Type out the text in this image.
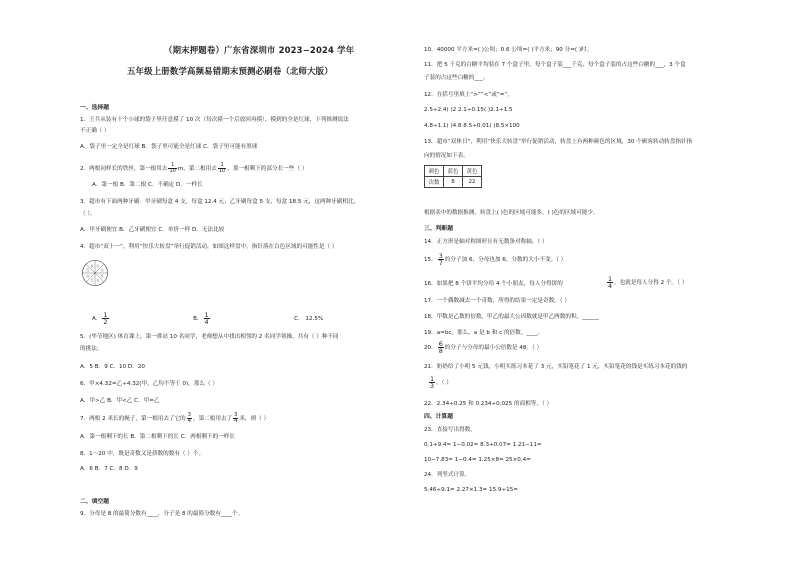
（期末押题卷）广东省深圳市 2023−2024 学年
五年级上册数学高频易错期末预测必刷卷（北师大版）
一、选择题
1．王兵从装有十个小球的袋子里任意摸了 10 次（每次摸一个后放回再摸），摸到的全是红球，下列推测说法
不正确（ ）
A．袋子里一定全是红球 B．袋子里可能全是红球 C．袋子里可能有黑球
3．超市有下面两种牙刷：甲牙刷每盒 4 支，每盒 12.4 元；乙牙刷每盒 5 支，每盒 18.5 元，这两种牙刷相比，
（ ）。
A．甲牙刷便宜 B．乙牙刷便宜 C．单价一样 D．无法比较
4．超市“双十一”，利用“快乐大转盘”举行促销活动，如图这样盘中，指针落在白色区域的可能性是（ ）
5．(毕节地区) 体育课上，第一排站 10 名同学，老师想从中找出相邻的 2 名同学领操，共有（ ）种不同
的挑法。
A．5 B．9 C．10 D．20
6．甲×4.32=乙÷4.32(甲，乙均不等于 0)，那么（ ）
A．甲>乙 B．甲<乙 C．甲=乙
A．第一根剩下的长 B．第二根剩下的长 C．两根剩下的一样长
8．1～20 中，既是奇数又是质数的数有（ ）个。
A．6 B．7 C．8 D．9
二、填空题
9．分母是 8 的最简分数有____，分子是 8 的最简分数有____个。
10．40000 平方米=( )公顷；0.6 公顷=( )平方米；90 分=( )时。
11．把 5 千克的白糖平均装在 7 个盒子里，每个盒子装___千克，每个盒子装的占这些白糖的___，3 个盒
子装的占这些白糖的___。
12．在括号里填上“>”“<”或“=”。
2.5÷2.4( )2 2.1÷0.15( )2.1÷1.5
4.8÷1.1( )4.8 8.5÷0.01( )8.5×100
13．超市“双休日”，利用“快乐大转盘”举行促销活动，转盘上有两种颜色的区域，30 个顾客转动转盘指针指
向的情况如下表。
根据表中的数据推测，转盘上( )色的区域可能多，( )色的区域可能少。
三、判断题
14．正方形是轴对称图形且有无数条对称轴。（ ）
16．如果把 8 个饼平均分给 4 个小朋友，每人分得饼的
17．一个偶数减去一个奇数，所得的结果一定是奇数。（ ）
18．甲数是乙数的倍数，甲乙的最大公因数就是甲乙两数的积。______
19．a=bc，那么，a 是 b 和 c 的倍数。____。
21．奶奶给了小明 5 元钱，小明买练习本花了 3 元，买铅笔花了 1 元，买铅笔花的钱是买练习本花的钱的
22．2.34÷0.25 和 0.234÷0.025 的商相等。（ ）
四、计算题
23．直接写出得数。
0.1+9.4= 1−0.02= 8.3+0.07= 1.21−11=
10−7.83= 1−0.4= 1.25×8= 25×0.4=
24．列竖式计算。
5.46÷9.1= 2.27×1.3= 15.9÷15=
2．两根同样长的铁丝，第一根用去 $\frac{1}{10}$ m，第二根用去 $\frac{1}{10}$ ，那一根剩下的部分长一些（ ）
A．第一根 B．第二根 C．不确定 D．一样长
红
白
红
白
红
白
红
白
A． $\frac{1}{2}$	B． $\frac{1}{4}$	C． 12.5%
7．两根 2 米长的绳子，第一根用去了它的 $\frac{3}{4}$ ，第二根用去了 $\frac{3}{4}$ 米，则（ ）
颜色	蓝色	黄色
次数	8	22
15． $\frac{3}{7}$ 的分子加 6，分母也加 6，分数的大小不变。（ ）
$\frac{1}{4}$ ，也就是每人分得 2 个。（ ）
20． $\frac{6}{8}$ 的分子与分母的最小公倍数是 48。（ ）
$\frac{1}{3}$ 。（ ）
